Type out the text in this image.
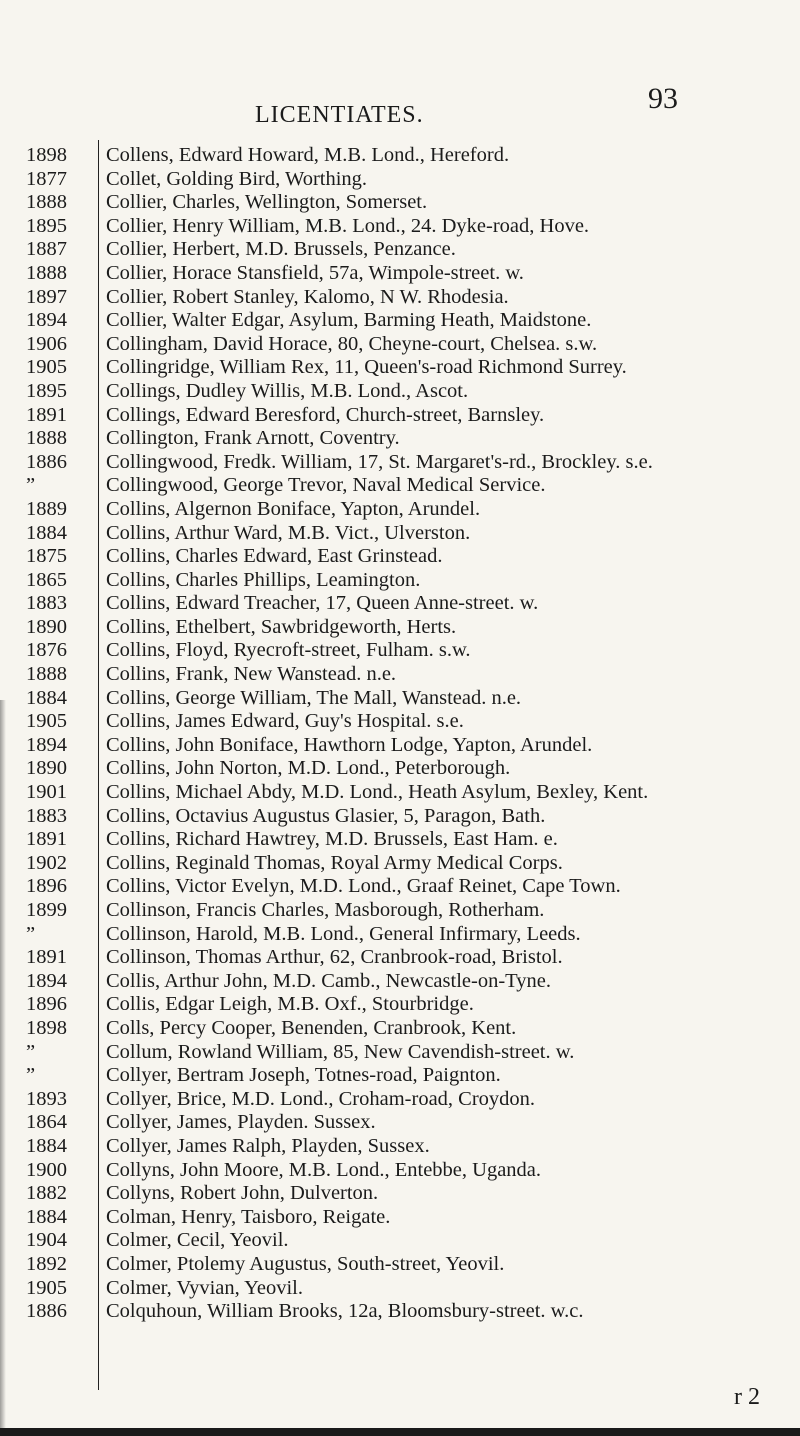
LICENTIATES.	93
1898
1877
1888
1895
1887
1888
1897
1894
1906
1905
1895
1891
1888
1886
”
1889
1884
1875
1865
1883
1890
1876
1888
1884
1905
1894
1890
1901
1883
1891
1902
1896
1899
”
1891
1894
1896
1898
”
”
1893
1864
1884
1900
1882
1884
1904
1892
1905
1886
Collens, Edward Howard, M.B. Lond., Hereford.
Collet, Golding Bird, Worthing.
Collier, Charles, Wellington, Somerset.
Collier, Henry William, M.B. Lond., 24. Dyke-road, Hove.
Collier, Herbert, M.D. Brussels, Penzance.
Collier, Horace Stansfield, 57a, Wimpole-street. w.
Collier, Robert Stanley, Kalomo, N W. Rhodesia.
Collier, Walter Edgar, Asylum, Barming Heath, Maidstone.
Collingham, David Horace, 80, Cheyne-court, Chelsea. s.w.
Collingridge, William Rex, 11, Queen's-road Richmond Surrey.
Collings, Dudley Willis, M.B. Lond., Ascot.
Collings, Edward Beresford, Church-street, Barnsley.
Collington, Frank Arnott, Coventry.
Collingwood, Fredk. William, 17, St. Margaret's-rd., Brockley. s.e.
Collingwood, George Trevor, Naval Medical Service.
Collins, Algernon Boniface, Yapton, Arundel.
Collins, Arthur Ward, M.B. Vict., Ulverston.
Collins, Charles Edward, East Grinstead.
Collins, Charles Phillips, Leamington.
Collins, Edward Treacher, 17, Queen Anne-street. w.
Collins, Ethelbert, Sawbridgeworth, Herts.
Collins, Floyd, Ryecroft-street, Fulham. s.w.
Collins, Frank, New Wanstead. n.e.
Collins, George William, The Mall, Wanstead. n.e.
Collins, James Edward, Guy's Hospital. s.e.
Collins, John Boniface, Hawthorn Lodge, Yapton, Arundel.
Collins, John Norton, M.D. Lond., Peterborough.
Collins, Michael Abdy, M.D. Lond., Heath Asylum, Bexley, Kent.
Collins, Octavius Augustus Glasier, 5, Paragon, Bath.
Collins, Richard Hawtrey, M.D. Brussels, East Ham. e.
Collins, Reginald Thomas, Royal Army Medical Corps.
Collins, Victor Evelyn, M.D. Lond., Graaf Reinet, Cape Town.
Collinson, Francis Charles, Masborough, Rotherham.
Collinson, Harold, M.B. Lond., General Infirmary, Leeds.
Collinson, Thomas Arthur, 62, Cranbrook-road, Bristol.
Collis, Arthur John, M.D. Camb., Newcastle-on-Tyne.
Collis, Edgar Leigh, M.B. Oxf., Stourbridge.
Colls, Percy Cooper, Benenden, Cranbrook, Kent.
Collum, Rowland William, 85, New Cavendish-street. w.
Collyer, Bertram Joseph, Totnes-road, Paignton.
Collyer, Brice, M.D. Lond., Croham-road, Croydon.
Collyer, James, Playden. Sussex.
Collyer, James Ralph, Playden, Sussex.
Collyns, John Moore, M.B. Lond., Entebbe, Uganda.
Collyns, Robert John, Dulverton.
Colman, Henry, Taisboro, Reigate.
Colmer, Cecil, Yeovil.
Colmer, Ptolemy Augustus, South-street, Yeovil.
Colmer, Vyvian, Yeovil.
Colquhoun, William Brooks, 12a, Bloomsbury-street. w.c.
r 2
